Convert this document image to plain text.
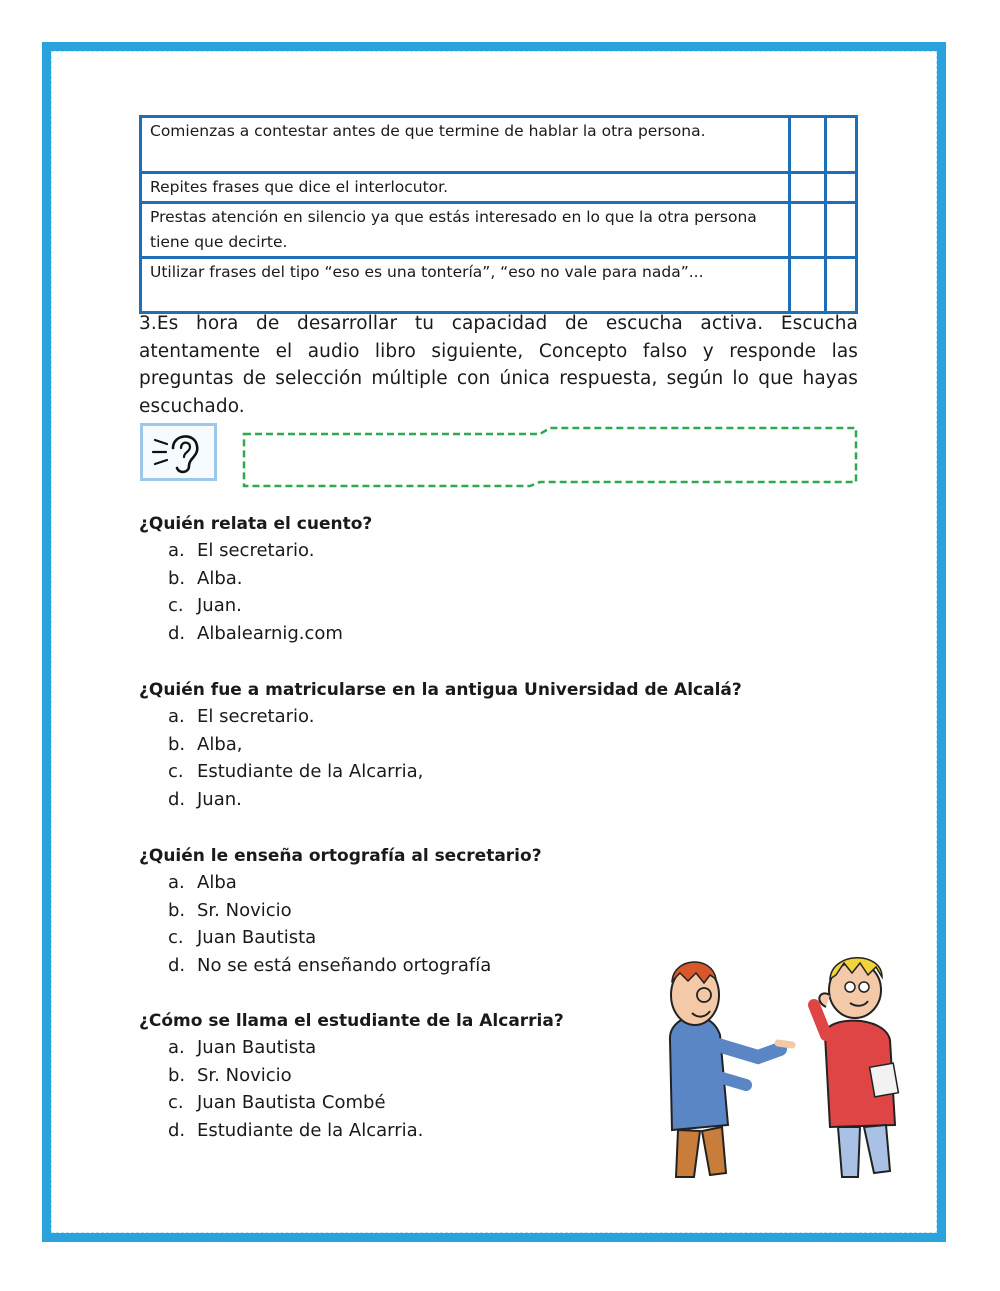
Comienzas a contestar antes de que termine de hablar la otra persona.		
Repites frases que dice el interlocutor.		
Prestas atención en silencio ya que estás interesado en lo que la otra persona tiene que decirte.		
Utilizar frases del tipo “eso es una tontería”, “eso no vale para nada”...		
3.Es hora de desarrollar tu capacidad de escucha activa. Escucha atentamente el audio libro siguiente, Concepto falso y responde las preguntas de selección múltiple con única respuesta, según lo que hayas escuchado.
¿Quién relata el cuento?
a. El secretario.
b. Alba.
c. Juan.
d. Albalearnig.com
¿Quién fue a matricularse en la antigua Universidad de Alcalá?
a. El secretario.
b. Alba,
c. Estudiante de la Alcarria,
d. Juan.
¿Quién le enseña ortografía al secretario?
a. Alba
b. Sr. Novicio
c. Juan Bautista
d. No se está enseñando ortografía
¿Cómo se llama el estudiante de la Alcarria?
a. Juan Bautista
b. Sr. Novicio
c. Juan Bautista Combé
d. Estudiante de la Alcarria.
